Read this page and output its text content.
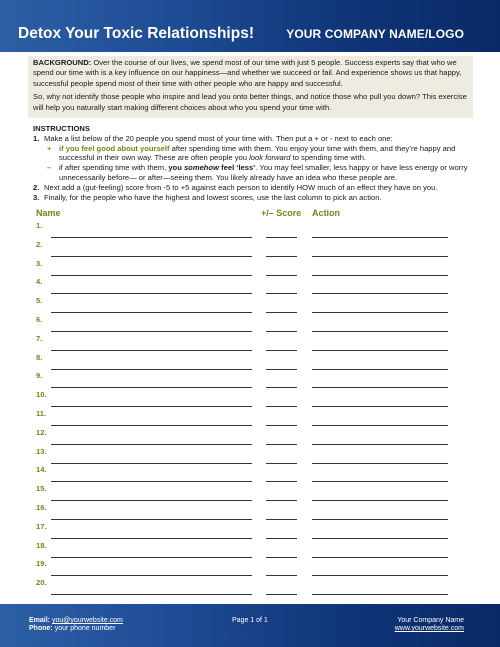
Detox Your Toxic Relationships!	YOUR COMPANY NAME/LOGO
BACKGROUND: Over the course of our lives, we spend most of our time with just 5 people. Success experts say that who we spend our time with is a key influence on our happiness—and whether we succeed or fail. And experience shows us that happy, successful people spend most of their time with other people who are happy and successful.
So, why not identify those people who inspire and lead you onto better things, and notice those who pull you down? This exercise will help you naturally start making different choices about who you spend your time with.
INSTRUCTIONS
1. Make a list below of the 20 people you spend most of your time with. Then put a + or - next to each one:
+ if you feel good about yourself after spending time with them. You enjoy your time with them, and they’re happy and successful in their own way. These are often people you look forward to spending time with.
– if after spending time with them, you somehow feel ‘less’. You may feel smaller, less happy or have less energy or worry unnecessarily before— or after—seeing them. You likely already have an idea who these people are.
2. Next add a (gut-feeling) score from -5 to +5 against each person to identify HOW much of an effect they have on you.
3. Finally, for the people who have the highest and lowest scores, use the last column to pick an action.
Name	+/– Score Action
1.
2.
3.
4.
5.
6.
7.
8.
9.
10.
11.
12.
13.
14.
15.
16.
17.
18.
19.
20.
Email: you@yourwebsite.com
Phone: your phone number
Page 1 of 1	Your Company Name
www.yourwebsite.com
